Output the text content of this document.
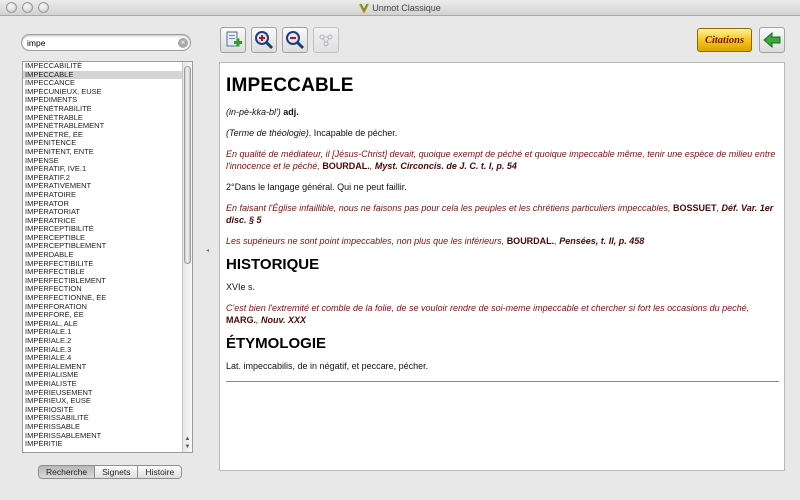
Unmot Classique
impe
×
IMPECCABILITÉ
IMPECCABLE
IMPECCANCE
IMPÉCUNIEUX, EUSE
IMPÉDIMENTS
IMPÉNÉTRABILITÉ
IMPÉNÉTRABLE
IMPÉNÉTRABLEMENT
IMPÉNÉTRÉ, ÉE
IMPÉNITENCE
IMPÉNITENT, ENTE
IMPENSE
IMPÉRATIF, IVE.1
IMPÉRATIF.2
IMPÉRATIVEMENT
IMPÉRATOIRE
IMPERATOR
IMPÉRATORIAT
IMPÉRATRICE
IMPERCEPTIBILITÉ
IMPERCEPTIBLE
IMPERCEPTIBLEMENT
IMPERDABLE
IMPERFECTIBILITÉ
IMPERFECTIBLE
IMPERFECTIBLEMENT
IMPERFECTION
IMPERFECTIONNÉ, ÉE
IMPERFORATION
IMPERFORÉ, ÉE
IMPÉRIAL, ALE
IMPÉRIALE.1
IMPÉRIALE.2
IMPÉRIALE.3
IMPÉRIALE.4
IMPÉRIALEMENT
IMPÉRIALISME
IMPÉRIALISTE
IMPÉRIEUSEMENT
IMPÉRIEUX, EUSE
IMPÉRIOSITÉ
IMPÉRISSABILITÉ
IMPÉRISSABLE
IMPÉRISSABLEMENT
IMPÉRITIE
▲
▼
Recherche	Signets	Histoire
◂
Citations
IMPECCABLE
(in-pè-kka-bl') adj.
(Terme de théologie). Incapable de pécher.
En qualité de médiateur, il [Jésus-Christ] devait, quoique exempt de péché et quoique impeccable même, tenir une espèce de milieu entre l'innocence et le péché, BOURDAL., Myst. Circoncis. de J. C. t. I, p. 54
2°Dans le langage général. Qui ne peut faillir.
En faisant l'Église infaillible, nous ne faisons pas pour cela les peuples et les chrétiens particuliers impeccables, BOSSUET, Déf. Var. 1er disc. § 5
Les supérieurs ne sont point impeccables, non plus que les inférieurs, BOURDAL., Pensées, t. II, p. 458
HISTORIQUE
XVIe s.
C'est bien l'extremité et comble de la folie, de se vouloir rendre de soi-meme impeccable et chercher si fort les occasions du peché, MARG., Nouv. XXX
ÉTYMOLOGIE
Lat. impeccabilis, de in négatif, et peccare, pécher.
